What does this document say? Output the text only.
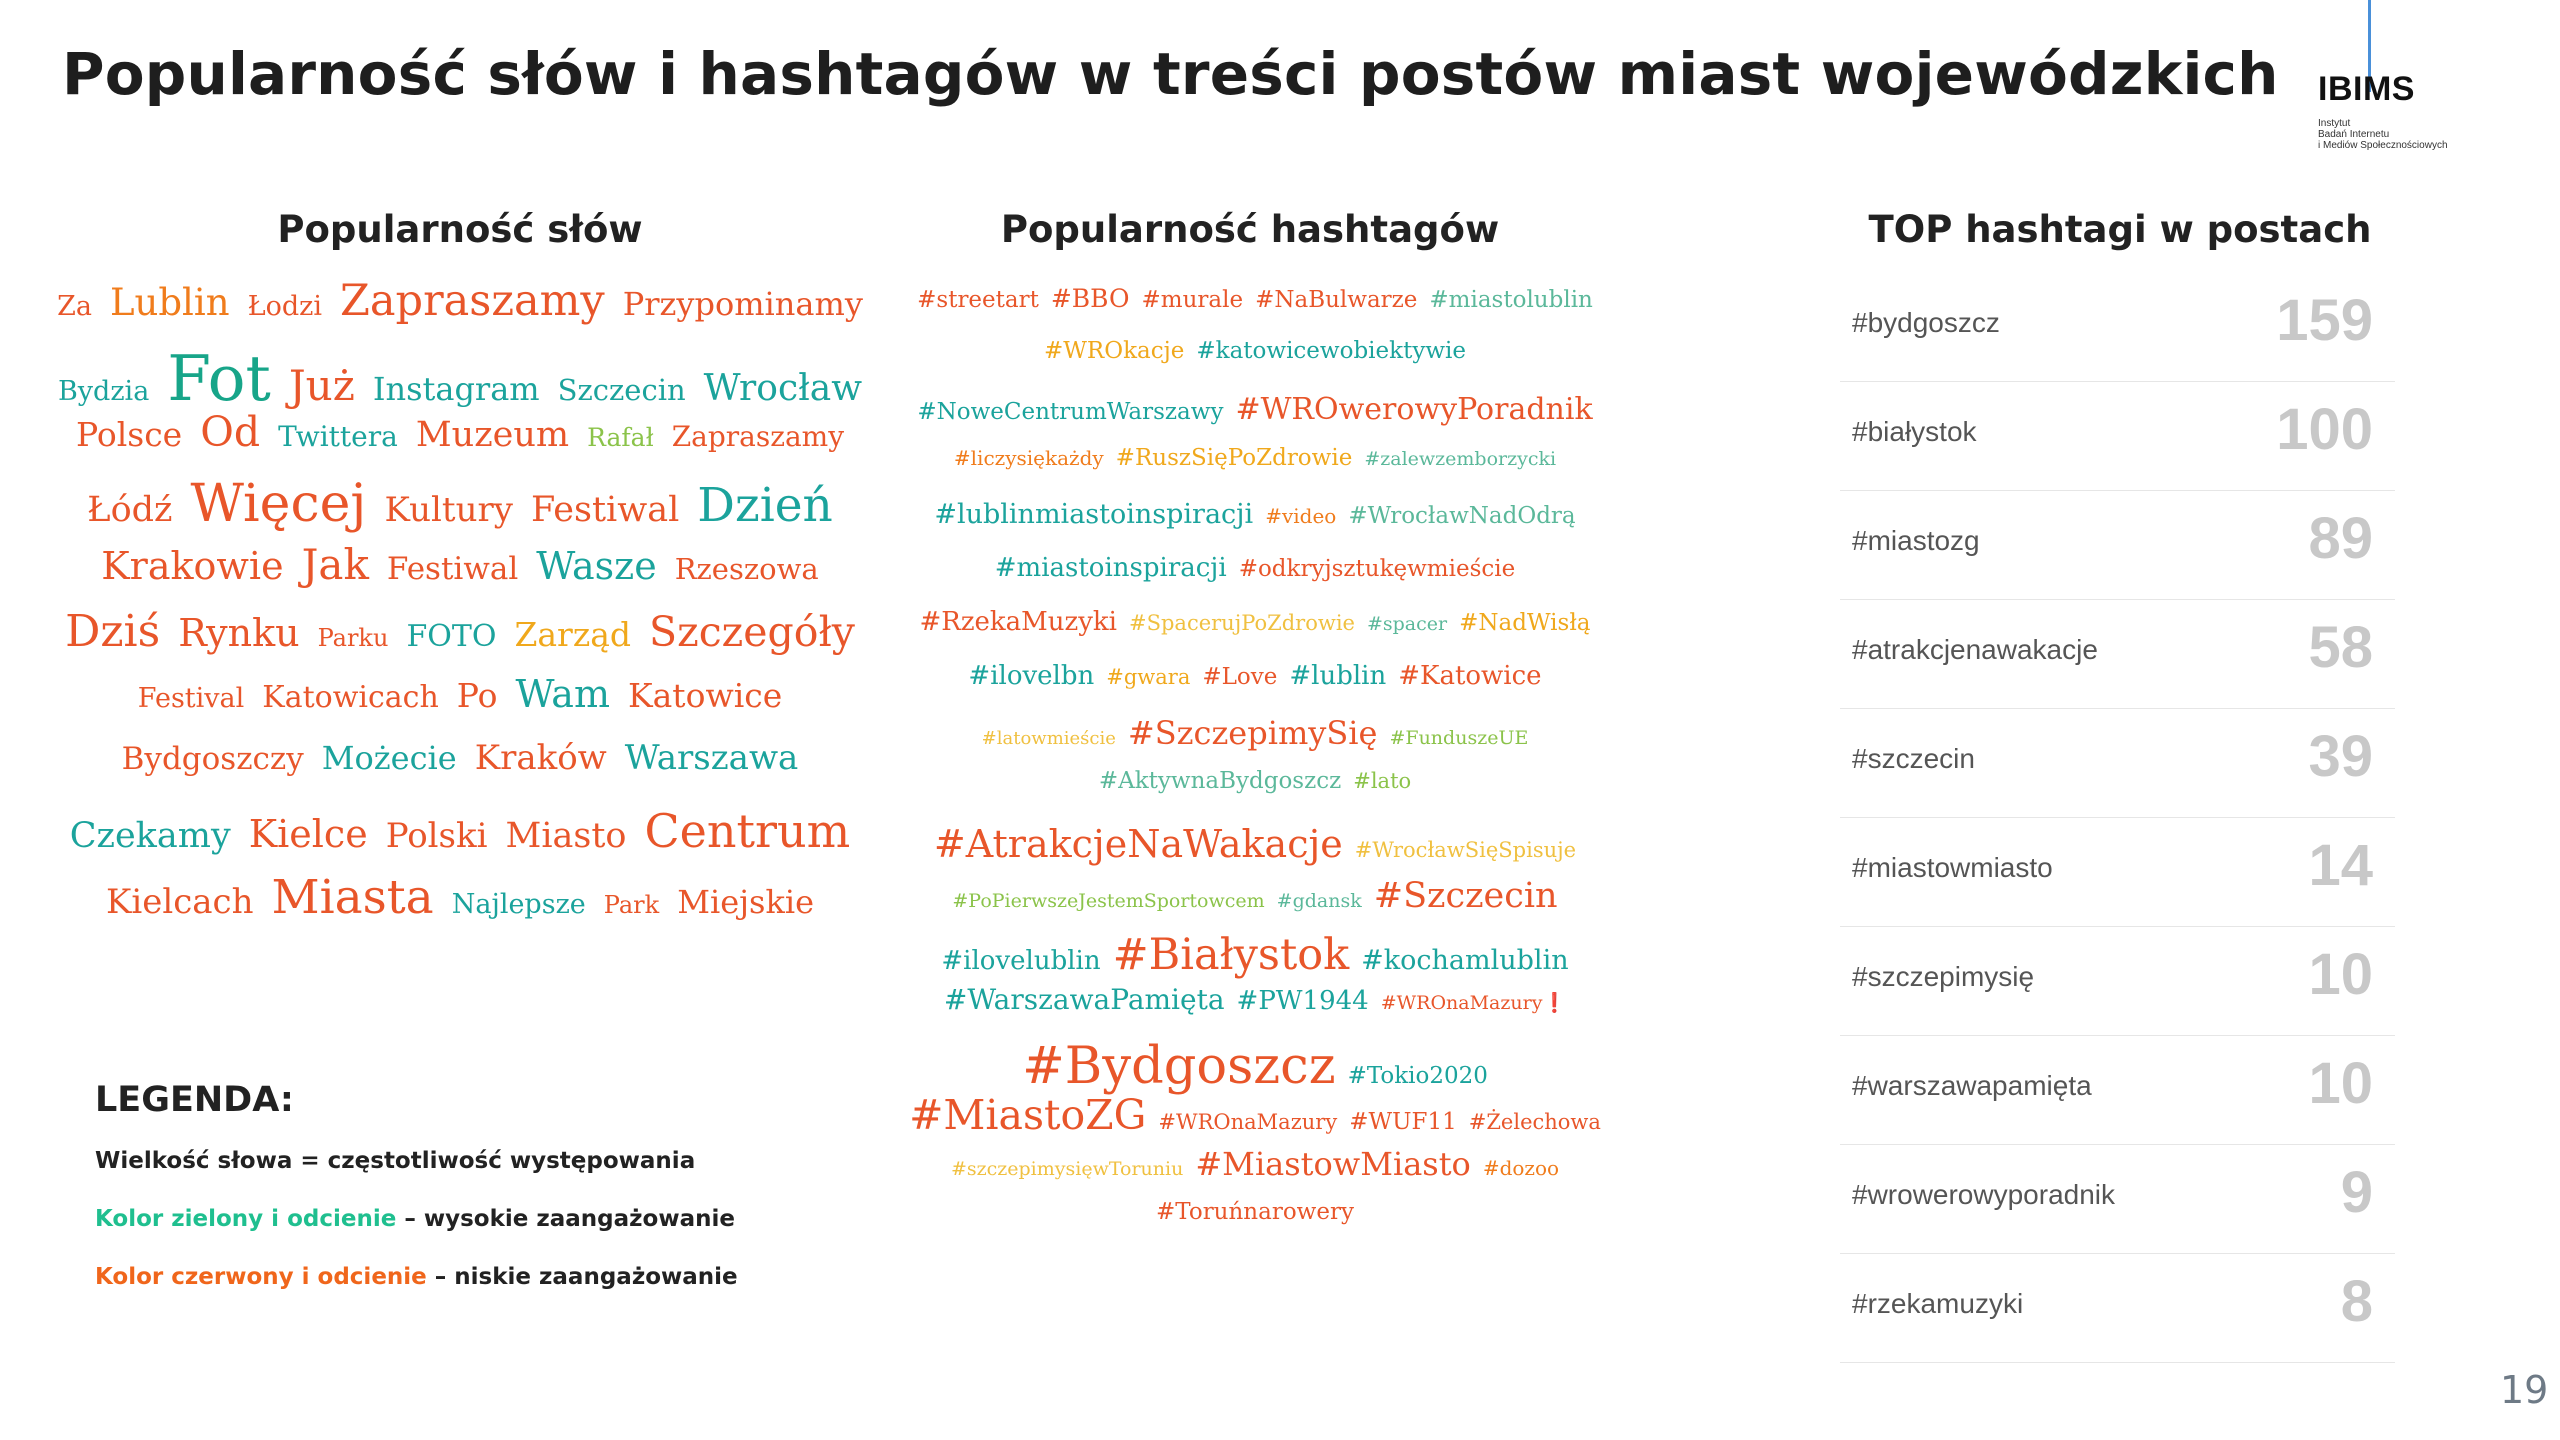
Popularność słów i hashtagów w treści postów miast wojewódzkich IBIMS
Instytut
Badań Internetu
i Mediów Społecznościowych
Popularność słów	Popularność hashtagów	TOP hashtagi w postach
Za Lublin Łodzi Zapraszamy Przypominamy
Bydzia Fot Już Instagram Szczecin Wrocław
Polsce Od Twittera Muzeum Rafał Zapraszamy
Łódź Więcej Kultury Festiwal Dzień
Krakowie Jak Festiwal Wasze Rzeszowa
Dziś Rynku Parku FOTO Zarząd Szczegóły
Festival Katowicach Po Wam Katowice
Bydgoszczy Możecie Kraków Warszawa
Czekamy Kielce Polski Miasto Centrum
Kielcach Miasta Najlepsze Park Miejskie
#streetart #BBO #murale #NaBulwarze #miastolublin
#WROkacje #katowicewobiektywie
#NoweCentrumWarszawy #WROwerowyPoradnik
#liczysiękażdy #RuszSięPoZdrowie #zalewzemborzycki
#lublinmiastoinspiracji #video #WrocławNadOdrą
#miastoinspiracji #odkryjsztukęwmieście
#RzekaMuzyki #SpacerujPoZdrowie #spacer #NadWisłą
#ilovelbn #gwara #Love #lublin #Katowice
#latowmieście #SzczepimySię #FunduszeUE
#AktywnaBydgoszcz #lato
#AtrakcjeNaWakacje #WrocławSięSpisuje
#PoPierwszeJestemSportowcem #gdansk #Szczecin
#ilovelublin #Białystok #kochamlublin
#WarszawaPamięta #PW1944 #WROnaMazury❗
#Bydgoszcz #Tokio2020
#MiastoZG #WROnaMazury #WUF11 #Żelechowa
#szczepimysięwToruniu #MiastowMiasto #dozoo
#Toruńnarowery
LEGENDA:
Wielkość słowa = częstotliwość występowania
Kolor zielony i odcienie – wysokie zaangażowanie
Kolor czerwony i odcienie – niskie zaangażowanie
#bydgoszcz	159
#białystok	100
#miastozg	89
#atrakcjenawakacje	58
#szczecin	39
#miastowmiasto	14
#szczepimysię	10
#warszawapamięta	10
#wrowerowyporadnik	9
#rzekamuzyki	8
19
